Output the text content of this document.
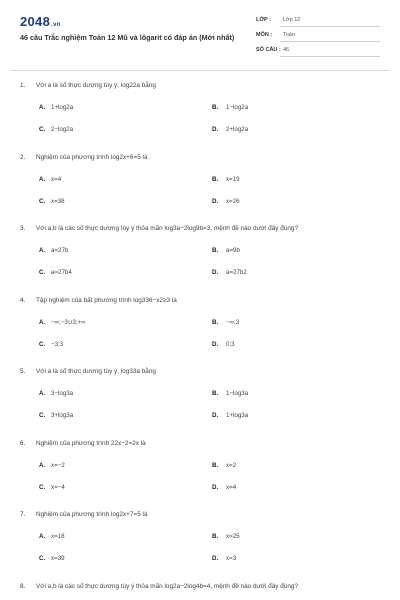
2048.vn
46 câu Trắc nghiệm Toán 12 Mũ và lôgarit có đáp án (Mới nhất)
LỚP : Lớp 12
MÔN : Toán
SỐ CÂU : 46
1. Với a là số thực dương tùy ý, log22a bằng
A. 1+log2a	B. 1−log2a
C. 2−log2a	D. 2+log2a
2. Nghiệm của phương trình log2x+6=5 là
A. x=4	B. x=19
C. x=38	D. x=26
3. Với a,b là các số thực dương tùy ý thỏa mãn log3a−2log9b=3, mệnh đề nào dưới đây đúng?
A. a=27b	B. a=9b
C. a=27b4	D. a=27b2
4. Tập nghiệm của bất phương trình log336−x2≥3 là
A. −∞;−3∪3;+∞	B. −∞;3
C. −3;3	D. 0;3
5. Với a là số thực dương tùy ý, log33a bằng
A. 3−log3a	B. 1−log3a
C. 3+log3a	D. 1+log3a
6. Nghiệm của phương trình 22x−2=2x là
A. x=−2	B. x=2
C. x=−4	D. x=4
7. Nghiệm của phương trình log2x+7=5 là
A. x=18	B. x=25
C. x=39	D. x=3
8. Với a,b là các số thực dương tùy ý thỏa mãn log2a−2log4b=4, mệnh đề nào dưới đây đúng?
